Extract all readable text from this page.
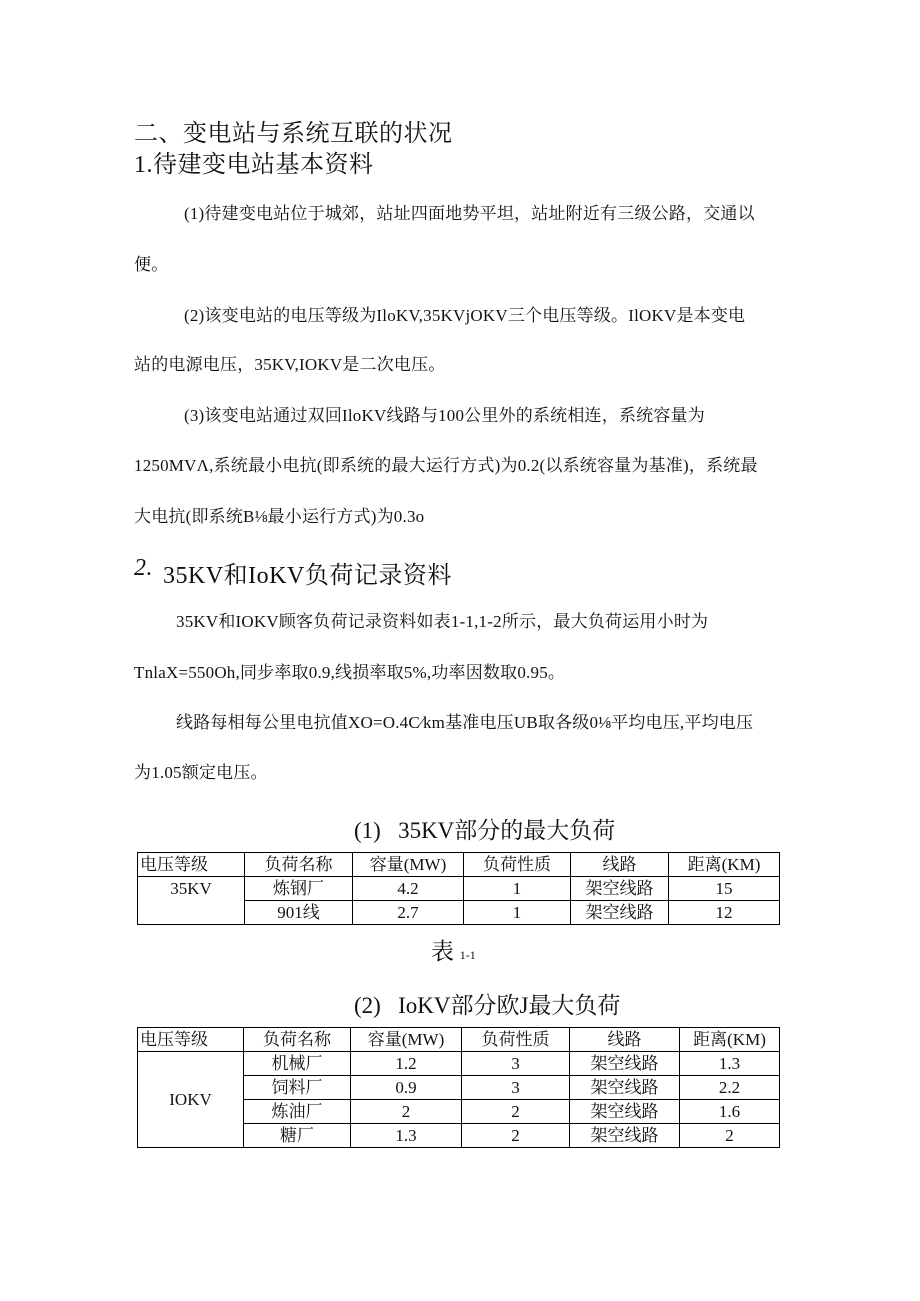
二、变电站与系统互联的状况
1.待建变电站基本资料
(1)待建变电站位于城郊，站址四面地势平坦，站址附近有三级公路，交通以
便。
(2)该变电站的电压等级为IloKV,35KVjOKV三个电压等级。IlOKV是本变电
站的电源电压，35KV,IOKV是二次电压。
(3)该变电站通过双回IloKV线路与100公里外的系统相连，系统容量为
1250MVΛ,系统最小电抗(即系统的最大运行方式)为0.2(以系统容量为基准)，系统最
大电抗(即系统B⅛最小运行方式)为0.3o
2. 35KV和IoKV负荷记录资料
35KV和IOKV顾客负荷记录资料如表1-1,1-2所示，最大负荷运用小时为
TnlaX=550Oh,同步率取0.9,线损率取5%,功率因数取0.95。
线路每相每公里电抗值XO=O.4C⁄km基准电压UB取各级0⅛平均电压,平均电压
为1.05额定电压。
(1)   35KV部分的最大负荷
电压等级	负荷名称	容量(MW)	负荷性质	线路	距离(KM)
35KV	炼钢厂	4.2	1	架空线路	15
	901线	2.7	1	架空线路	12
表 1-1
(2)   IoKV部分欧J最大负荷
电压等级	负荷名称	容量(MW)	负荷性质	线路	距离(KM)
IOKV	机械厂	1.2	3	架空线路	1.3
	饲料厂	0.9	3	架空线路	2.2
	炼油厂	2	2	架空线路	1.6
	糖厂	1.3	2	架空线路	2
